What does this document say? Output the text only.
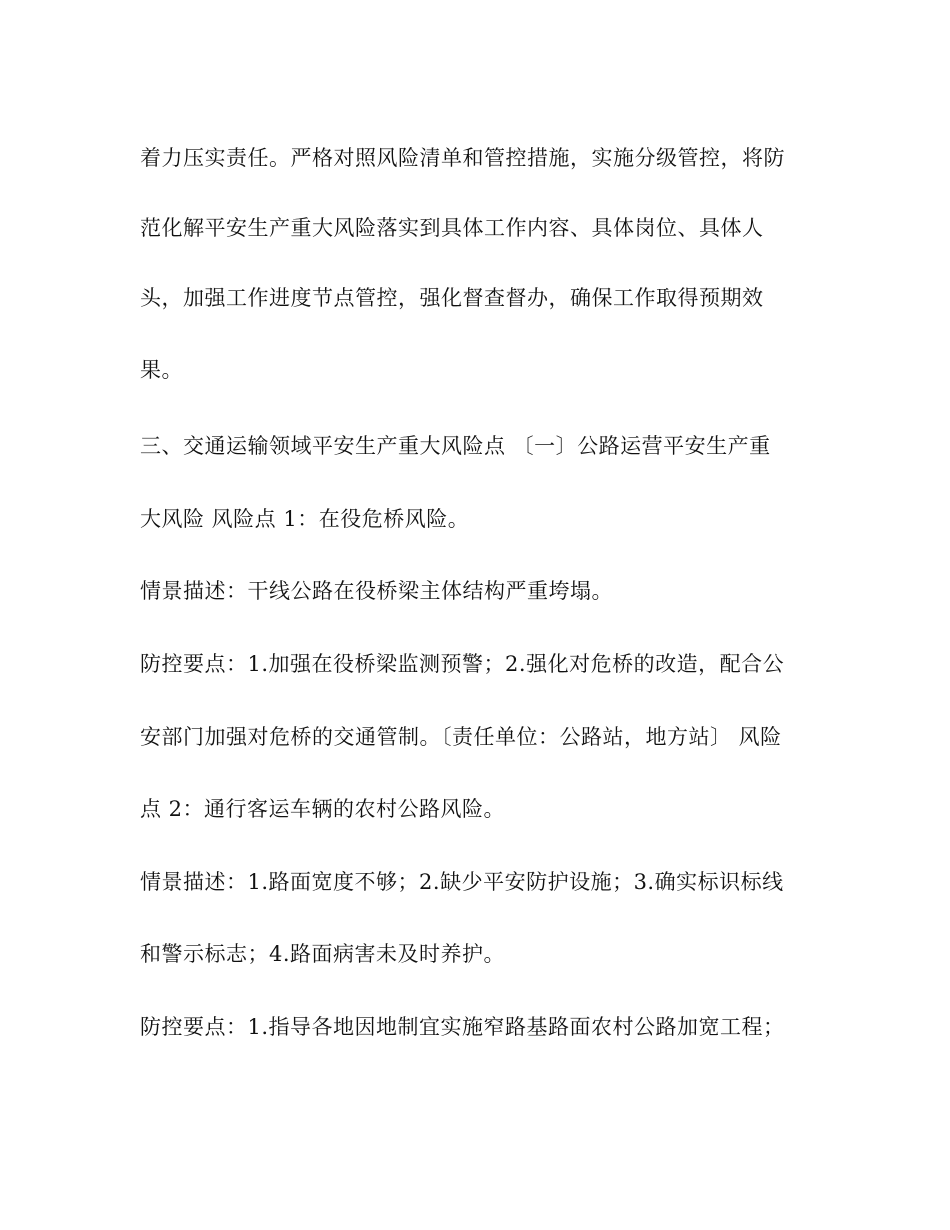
着力压实责任。严格对照风险清单和管控措施，实施分级管控，将防
范化解平安生产重大风险落实到具体工作内容、具体岗位、具体人
头，加强工作进度节点管控，强化督查督办，确保工作取得预期效
果。
三、交通运输领域平安生产重大风险点 〔一〕公路运营平安生产重
大风险 风险点 1：在役危桥风险。
情景描述：干线公路在役桥梁主体结构严重垮塌。
防控要点：1.加强在役桥梁监测预警；2.强化对危桥的改造，配合公
安部门加强对危桥的交通管制。〔责任单位：公路站，地方站〕 风险
点 2：通行客运车辆的农村公路风险。
情景描述：1.路面宽度不够；2.缺少平安防护设施；3.确实标识标线
和警示标志；4.路面病害未及时养护。
防控要点：1.指导各地因地制宜实施窄路基路面农村公路加宽工程；
